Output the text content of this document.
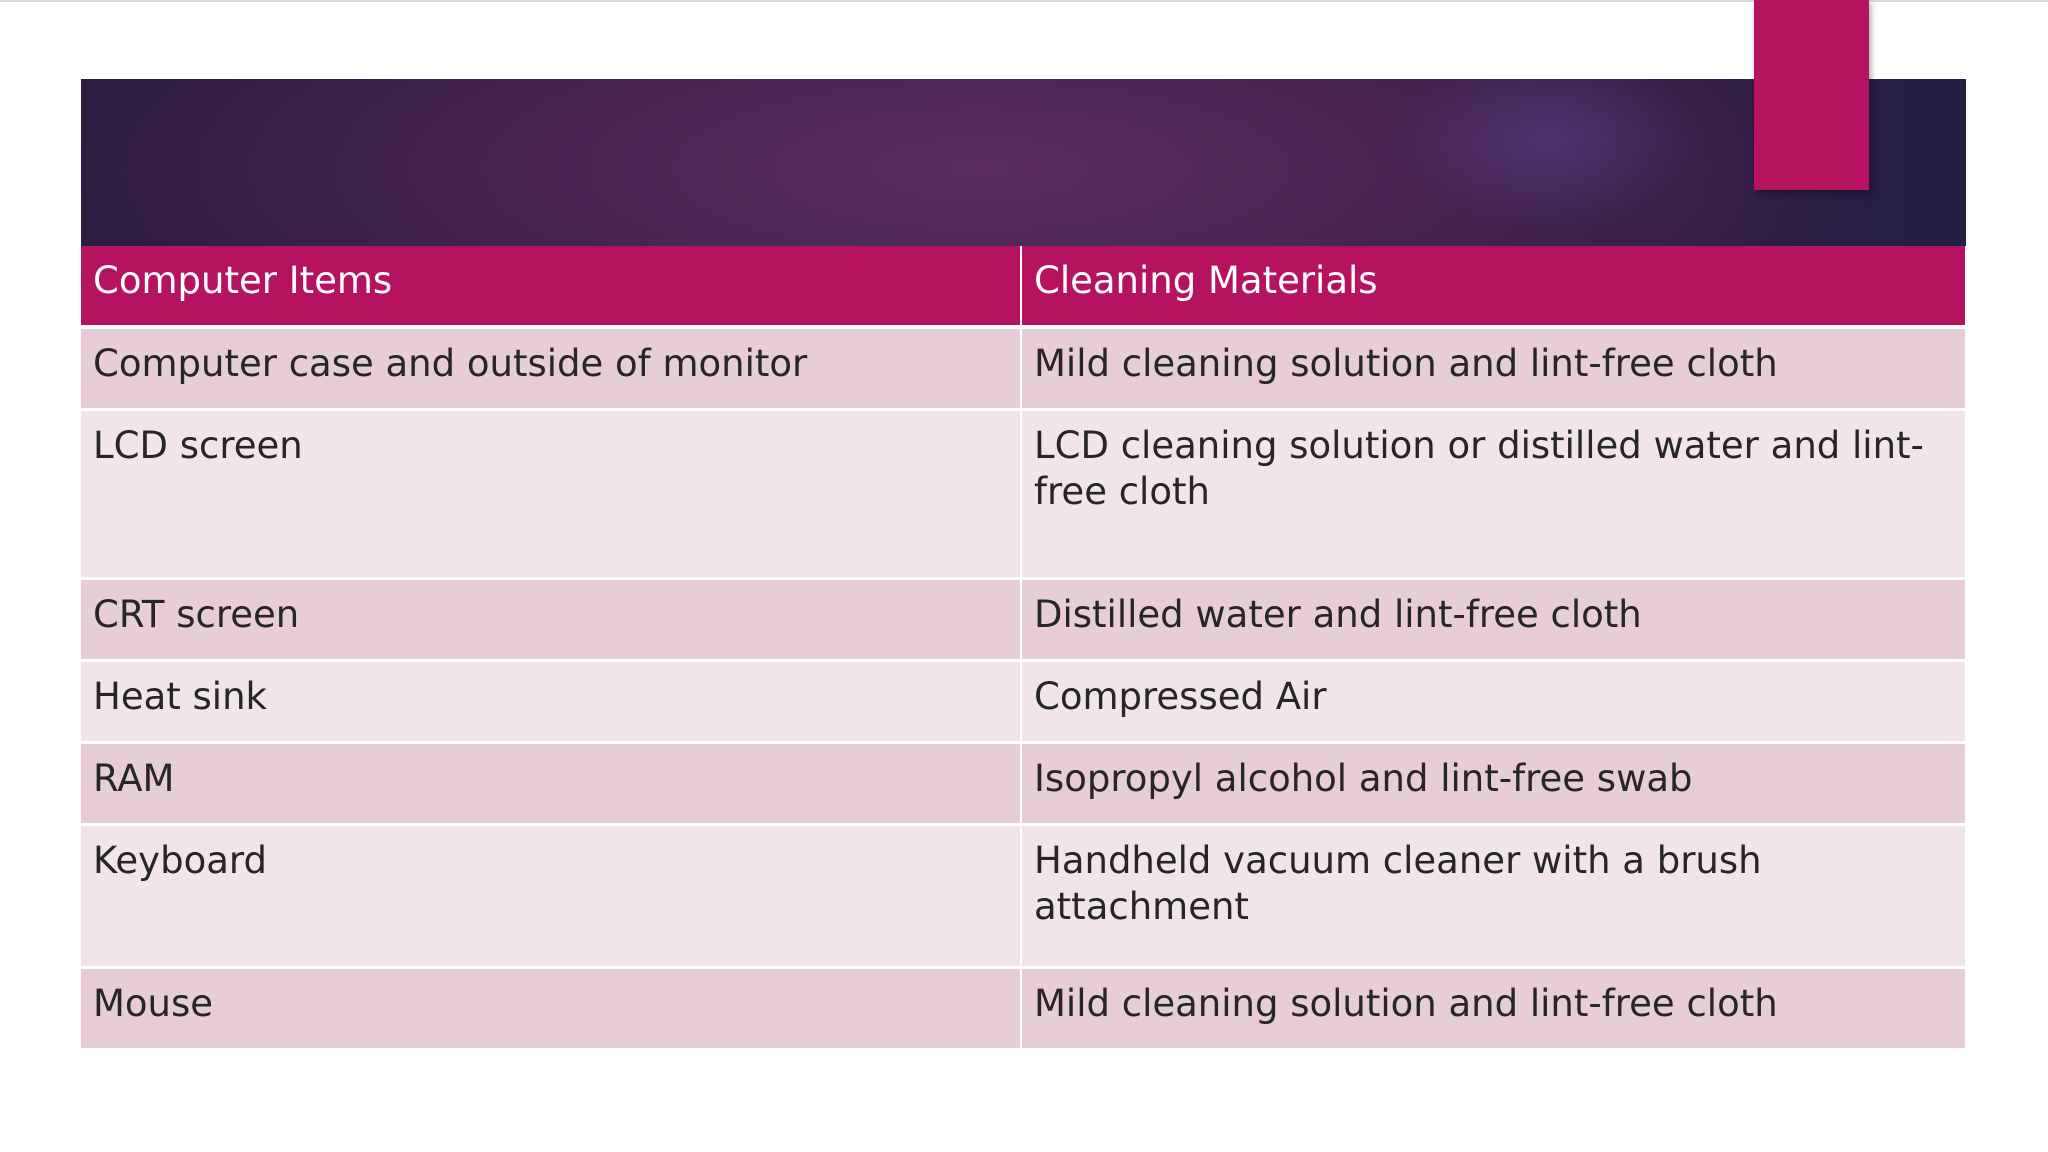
Computer Items	Cleaning Materials
Computer case and outside of monitor	Mild cleaning solution and lint-free cloth
LCD screen	LCD cleaning solution or distilled water and lint-free cloth
CRT screen	Distilled water and lint-free cloth
Heat sink	Compressed Air
RAM	Isopropyl alcohol and lint-free swab
Keyboard	Handheld vacuum cleaner with a brush attachment
Mouse	Mild cleaning solution and lint-free cloth
